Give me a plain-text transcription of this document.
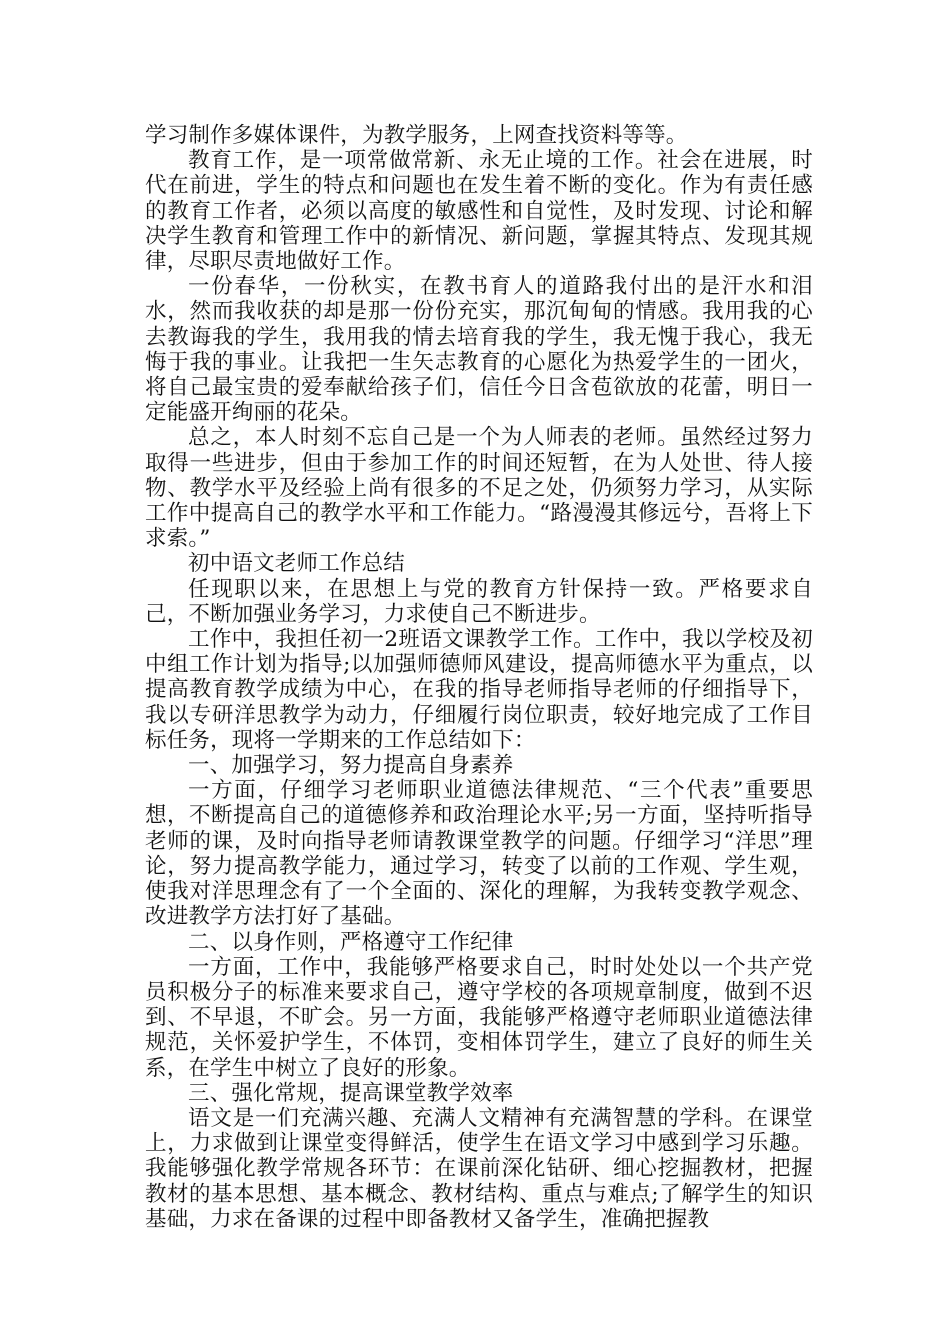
学习制作多媒体课件，为教学服务，上网查找资料等等。

教育工作，是一项常做常新、永无止境的工作。社会在进展，时代在前进，学生的特点和问题也在发生着不断的变化。作为有责任感的教育工作者，必须以高度的敏感性和自觉性，及时发现、讨论和解决学生教育和管理工作中的新情况、新问题，掌握其特点、发现其规律，尽职尽责地做好工作。

一份春华，一份秋实，在教书育人的道路我付出的是汗水和泪水，然而我收获的却是那一份份充实，那沉甸甸的情感。我用我的心去教诲我的学生，我用我的情去培育我的学生，我无愧于我心，我无悔于我的事业。让我把一生矢志教育的心愿化为热爱学生的一团火，将自己最宝贵的爱奉献给孩子们，信任今日含苞欲放的花蕾，明日一定能盛开绚丽的花朵。

总之，本人时刻不忘自己是一个为人师表的老师。虽然经过努力取得一些进步，但由于参加工作的时间还短暂，在为人处世、待人接物、教学水平及经验上尚有很多的不足之处，仍须努力学习，从实际工作中提高自己的教学水平和工作能力。“路漫漫其修远兮，吾将上下求索。”

初中语文老师工作总结

任现职以来，在思想上与党的教育方针保持一致。严格要求自己，不断加强业务学习，力求使自己不断进步。

工作中，我担任初一2班语文课教学工作。工作中，我以学校及初中组工作计划为指导;以加强师德师风建设，提高师德水平为重点，以提高教育教学成绩为中心，在我的指导老师指导老师的仔细指导下，我以专研洋思教学为动力，仔细履行岗位职责，较好地完成了工作目标任务，现将一学期来的工作总结如下：

一、加强学习，努力提高自身素养

一方面，仔细学习老师职业道德法律规范、“三个代表”重要思想，不断提高自己的道德修养和政治理论水平;另一方面，坚持听指导老师的课，及时向指导老师请教课堂教学的问题。仔细学习“洋思”理论，努力提高教学能力，通过学习，转变了以前的工作观、学生观，使我对洋思理念有了一个全面的、深化的理解，为我转变教学观念、改进教学方法打好了基础。

二、以身作则，严格遵守工作纪律

一方面，工作中，我能够严格要求自己，时时处处以一个共产党员积极分子的标准来要求自己，遵守学校的各项规章制度，做到不迟到、不早退，不旷会。另一方面，我能够严格遵守老师职业道德法律规范，关怀爱护学生，不体罚，变相体罚学生，建立了良好的师生关系，在学生中树立了良好的形象。

三、强化常规，提高课堂教学效率

语文是一们充满兴趣、充满人文精神有充满智慧的学科。在课堂上，力求做到让课堂变得鲜活，使学生在语文学习中感到学习乐趣。我能够强化教学常规各环节：在课前深化钻研、细心挖掘教材，把握教材的基本思想、基本概念、教材结构、重点与难点;了解学生的知识基础，力求在备课的过程中即备教材又备学生，准确把握教
